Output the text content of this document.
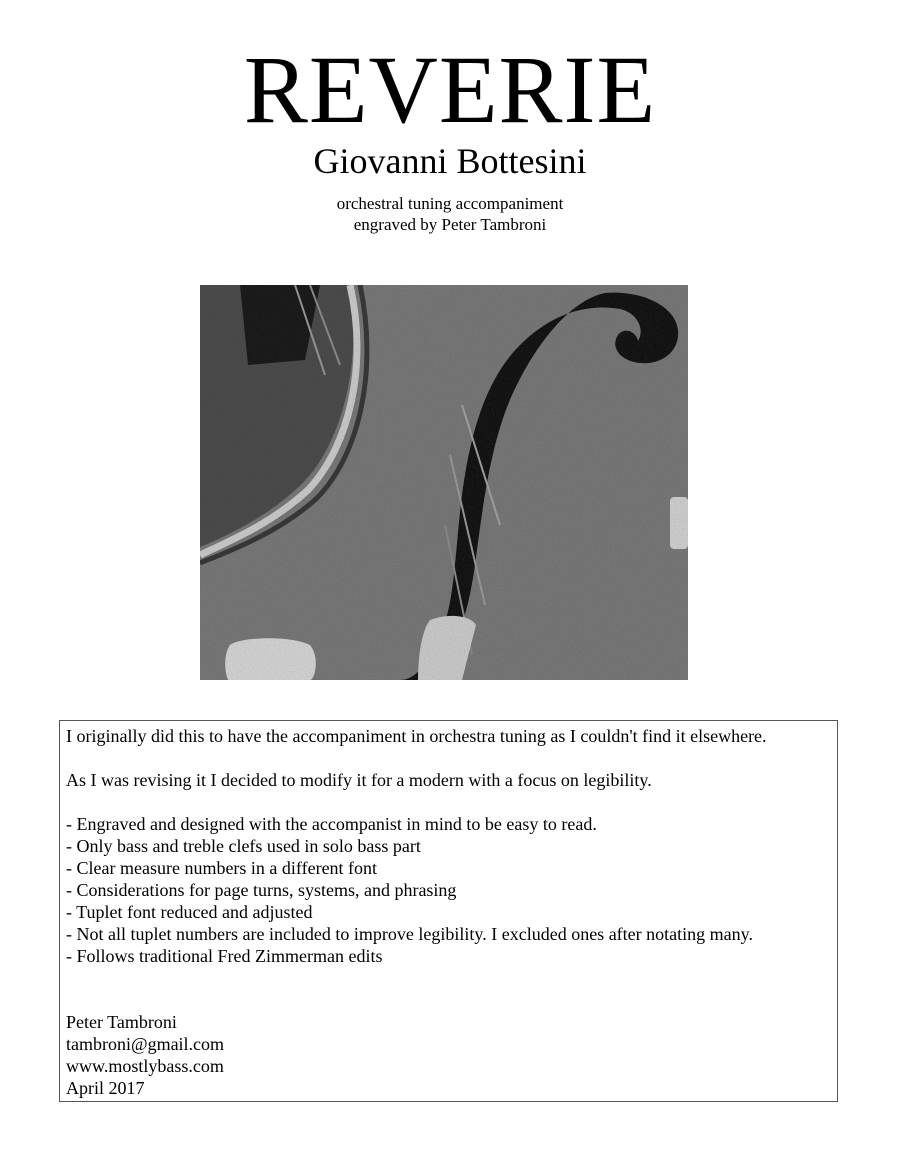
REVERIE
Giovanni Bottesini
orchestral tuning accompaniment
engraved by Peter Tambroni

I originally did this to have the accompaniment in orchestra tuning as I couldn't find it elsewhere.

As I was revising it I decided to modify it for a modern with a focus on legibility.

- Engraved and designed with the accompanist in mind to be easy to read.

- Only bass and treble clefs used in solo bass part

- Clear measure numbers in a different font

- Considerations for page turns, systems, and phrasing

- Tuplet font reduced and adjusted

- Not all tuplet numbers are included to improve legibility. I excluded ones after notating many.

- Follows traditional Fred Zimmerman edits

Peter Tambroni

tambroni@gmail.com

www.mostlybass.com

April 2017
